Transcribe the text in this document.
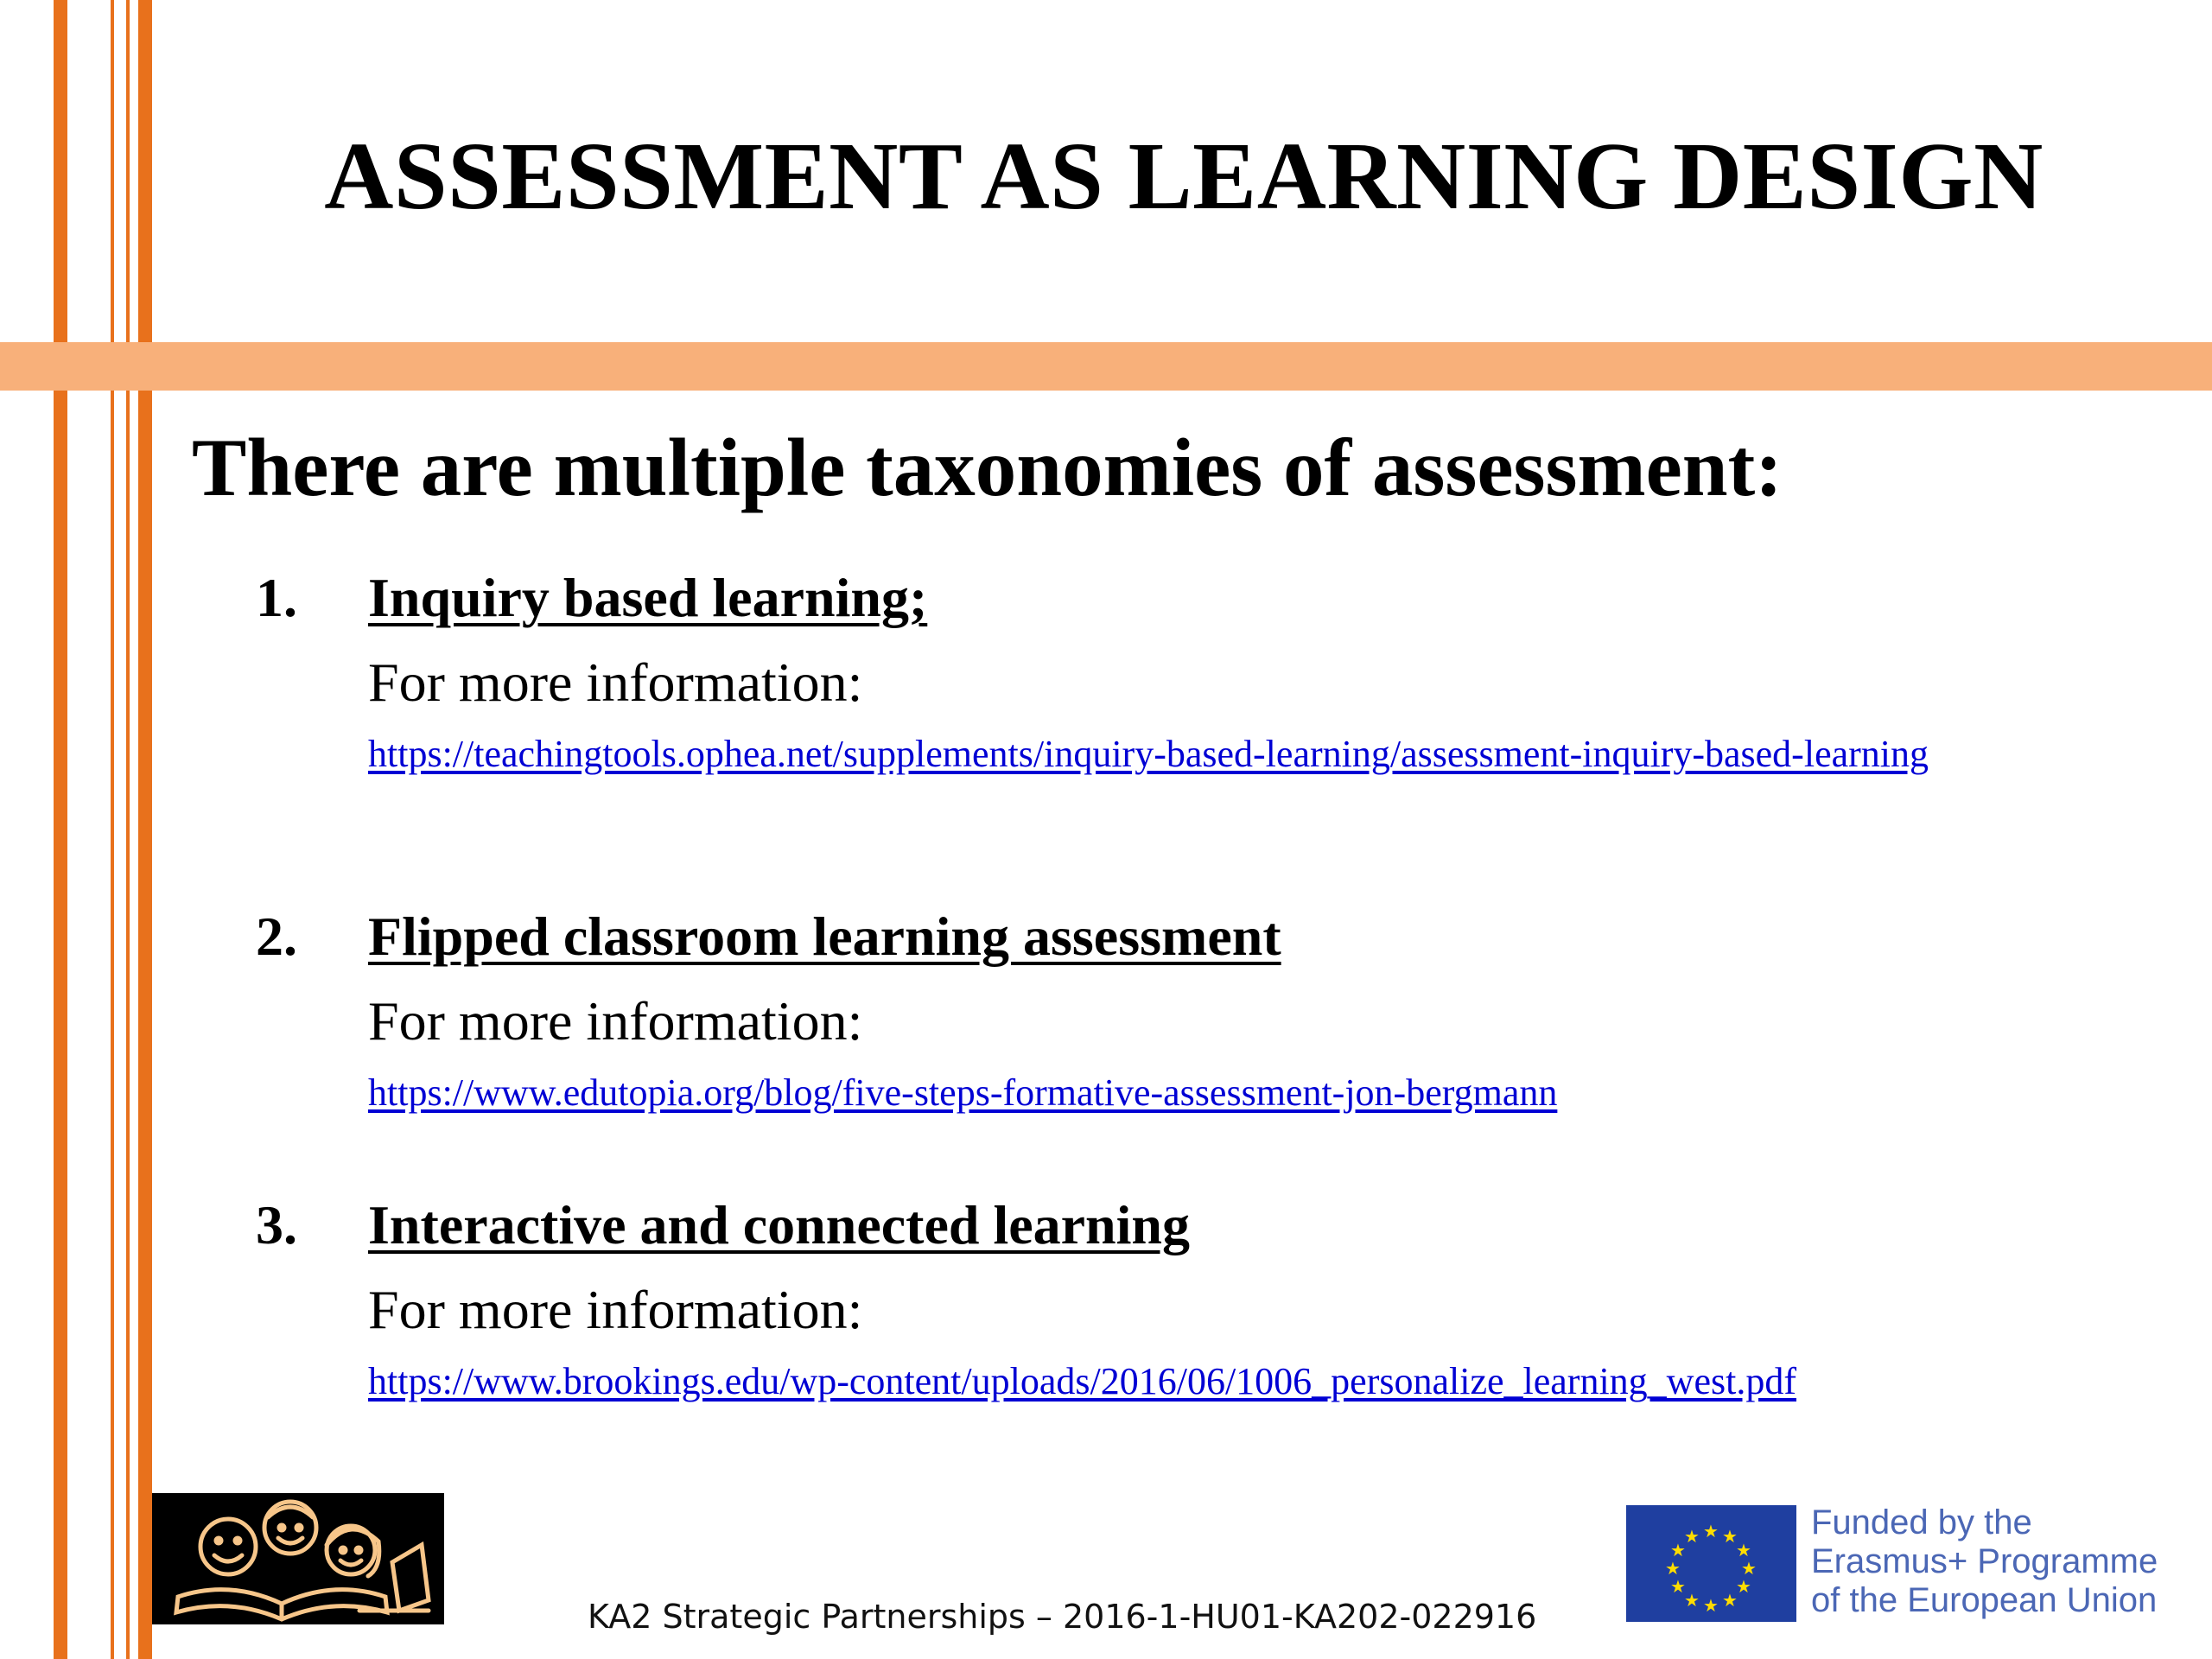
ASSESSMENT AS LEARNING DESIGN
There are multiple taxonomies of assessment:
1. Inquiry based learning;
For more information:
https://teachingtools.ophea.net/supplements/inquiry-based-learning/assessment-inquiry-based-learning
2. Flipped classroom learning assessment
For more information:
https://www.edutopia.org/blog/five-steps-formative-assessment-jon-bergmann
3. Interactive and connected learning
For more information:
https://www.brookings.edu/wp-content/uploads/2016/06/1006_personalize_learning_west.pdf
KA2 Strategic Partnerships – 2016-1-HU01-KA202-022916
★ ★
★
★
★
★
★
★
★
★
★
★	Funded by the
Erasmus+ Programme
of the European Union
